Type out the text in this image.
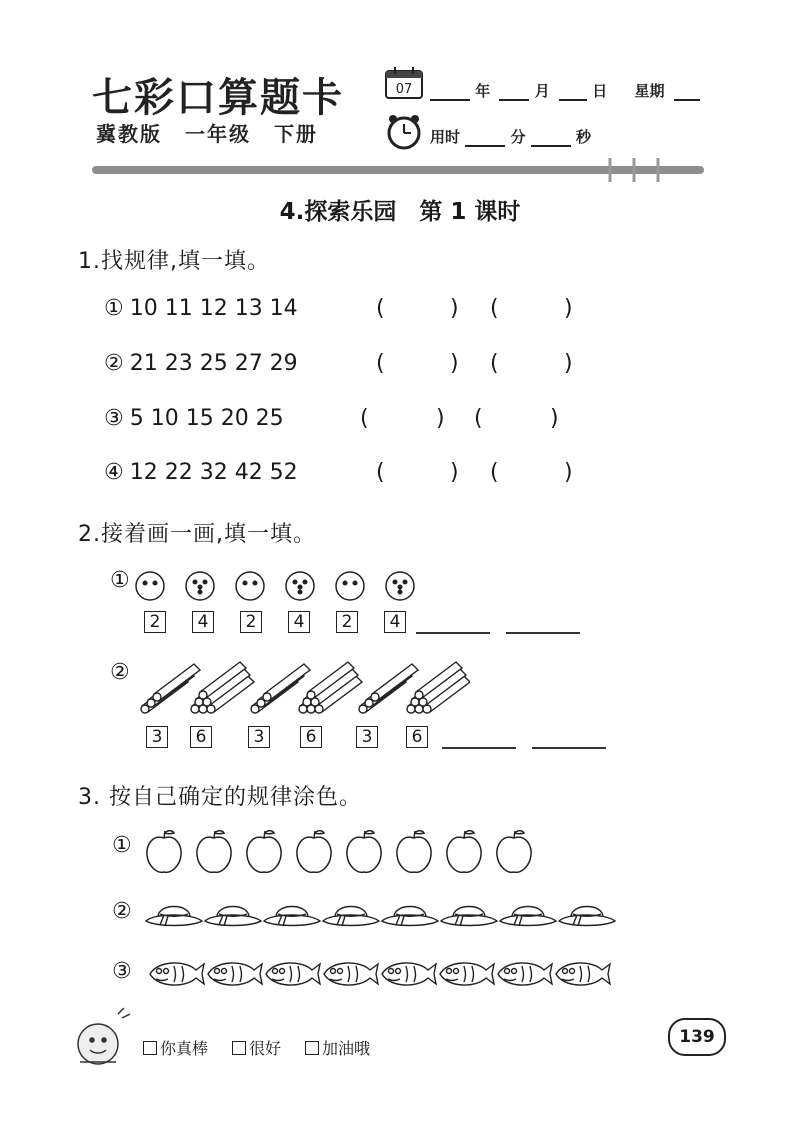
七彩口算题卡
冀教版 一年级 下册
07	年	月	日 星期
用时	分	秒
4.探索乐园　第 1 课时
1.找规律,填一填。
① 10 11 12 13 14	(	) (	)
② 21 23 25 27 29	(	) (	)
③ 5 10 15 20 25	(	) (	)
④ 12 22 32 42 52	(	) (	)
2.接着画一画,填一填。
①
2	4	2	4	2	4
②
3	6	3	6	3	6
3. 按自己确定的规律涂色。
①
②
③
你真棒	很好	加油哦
139
